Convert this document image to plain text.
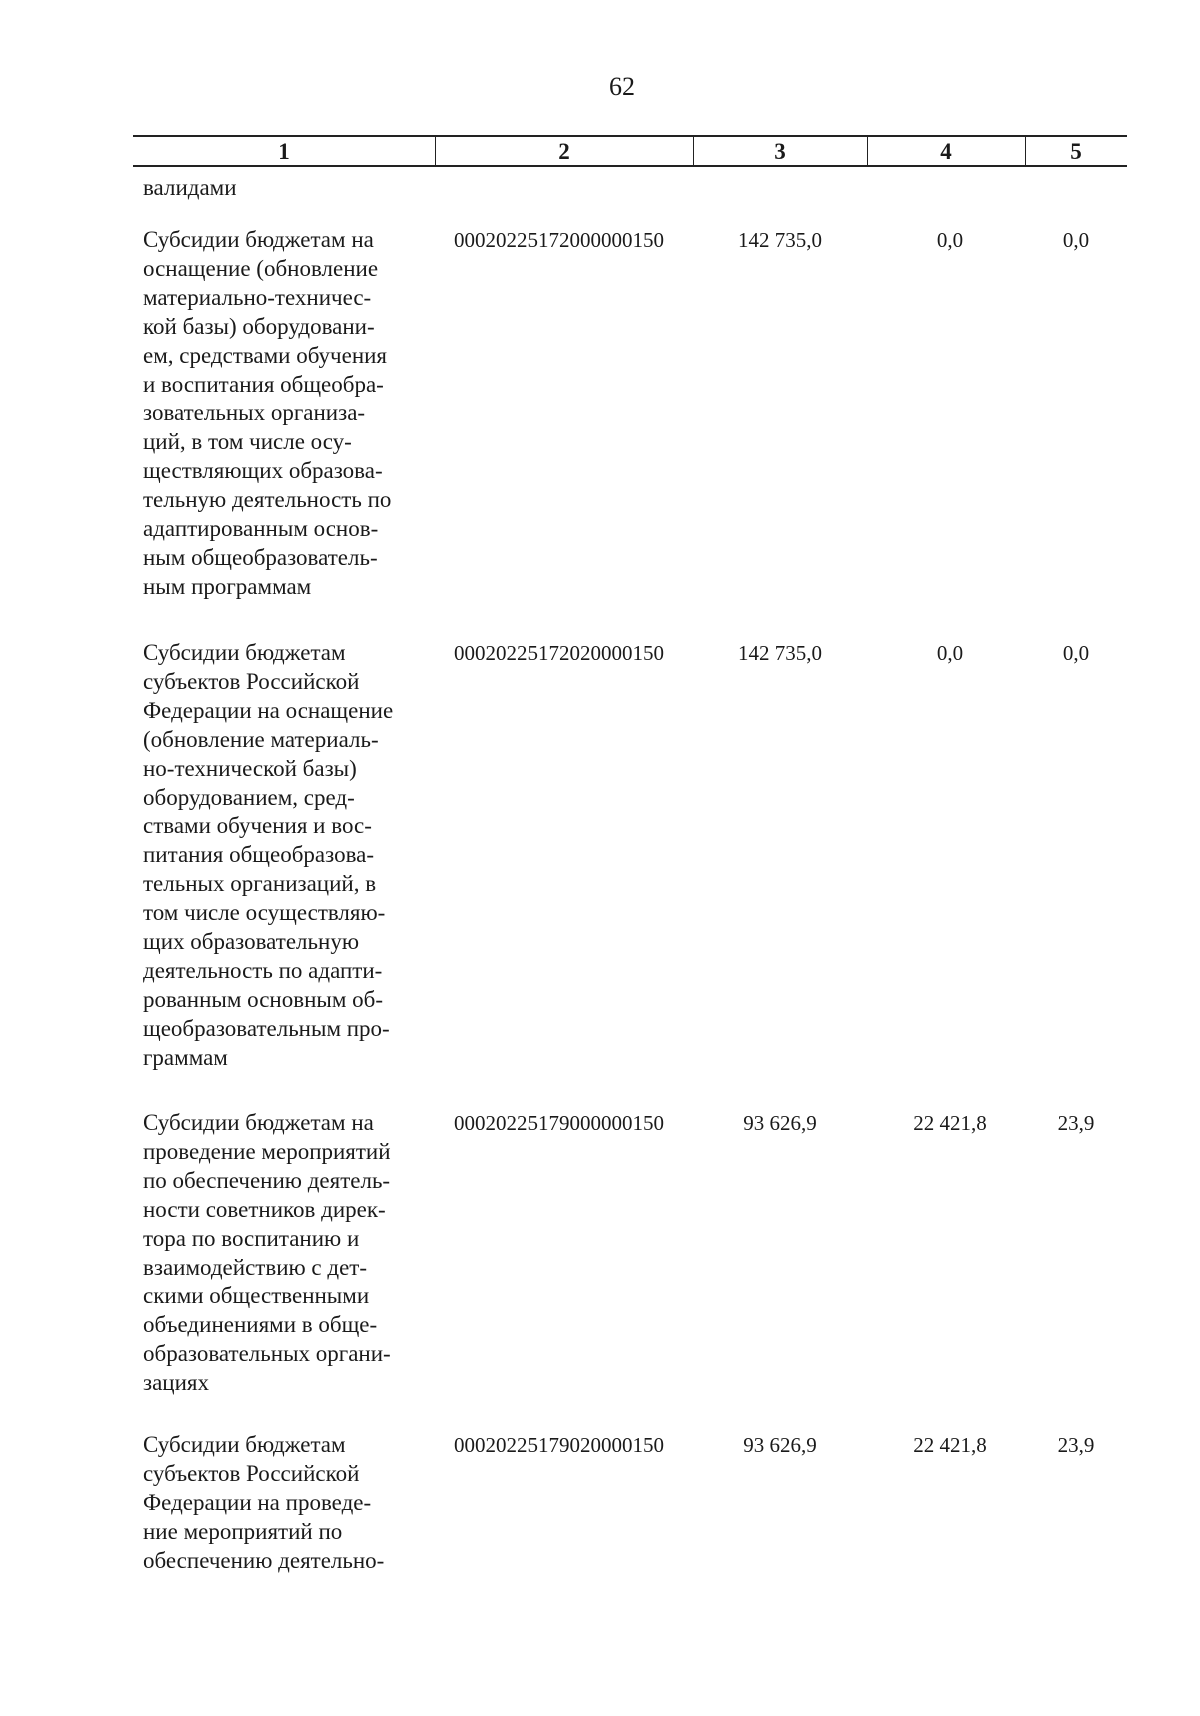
62
1	2	3	4	5
валидами
Субсидии бюджетам на
оснащение (обновление
материально-техничес-
кой базы) оборудовани-
ем, средствами обучения
и воспитания общеобра-
зовательных организа-
ций, в том числе осу-
ществляющих образова-
тельную деятельность по
адаптированным основ-
ным общеобразователь-
ным программам
00020225172000000150	142 735,0	0,0	0,0
Субсидии бюджетам
субъектов Российской
Федерации на оснащение
(обновление материаль-
но-технической базы)
оборудованием, сред-
ствами обучения и вос-
питания общеобразова-
тельных организаций, в
том числе осуществляю-
щих образовательную
деятельность по адапти-
рованным основным об-
щеобразовательным про-
граммам
00020225172020000150	142 735,0	0,0	0,0
Субсидии бюджетам на
проведение мероприятий
по обеспечению деятель-
ности советников дирек-
тора по воспитанию и
взаимодействию с дет-
скими общественными
объединениями в обще-
образовательных органи-
зациях
00020225179000000150	93 626,9	22 421,8	23,9
Субсидии бюджетам
субъектов Российской
Федерации на проведе-
ние мероприятий по
обеспечению деятельно-
00020225179020000150	93 626,9	22 421,8	23,9
